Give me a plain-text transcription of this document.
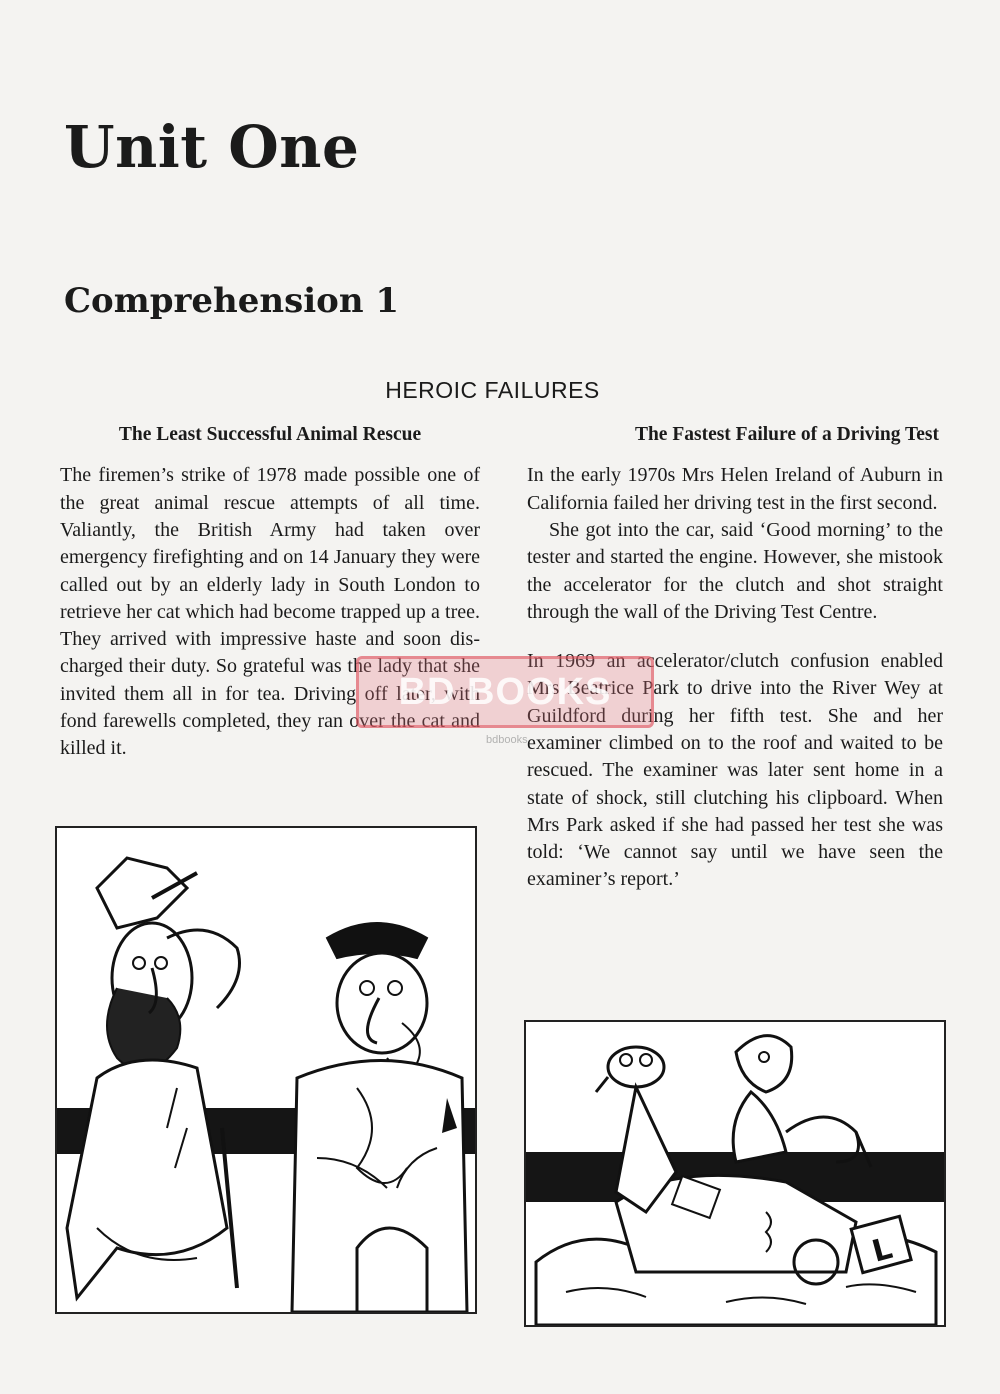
Unit One
Comprehension 1
HEROIC FAILURES
The Least Successful Animal Rescue

The firemen’s strike of 1978 made possible one of the great animal rescue attempts of all time. Valiantly, the British Army had taken over emergency firefighting and on 14 January they were called out by an elderly lady in South London to retrieve her cat which had become trapped up a tree. They arrived with impressive haste and soon discharged their duty. So grateful was the lady that she invited them all in for tea. Driving off later, with fond farewells completed, they ran over the cat and killed it.

The Fastest Failure of a Driving Test

In the early 1970s Mrs Helen Ireland of Auburn in California failed her driving test in the first second.

She got into the car, said ‘Good morning’ to the tester and started the engine. However, she mistook the accelerator for the clutch and shot straight through the wall of the Driving Test Centre.

In 1969 an accelerator/clutch confusion enabled Mrs Beatrice Park to drive into the River Wey at Guildford during her fifth test. She and her examiner climbed on to the roof and waited to be rescued. The examiner was later sent home in a state of shock, still clutching his clipboard. When Mrs Park asked if she had passed her test she was told: ‘We cannot say until we have seen the examiner’s report.’

L
BD BOOKS
bdbooks
